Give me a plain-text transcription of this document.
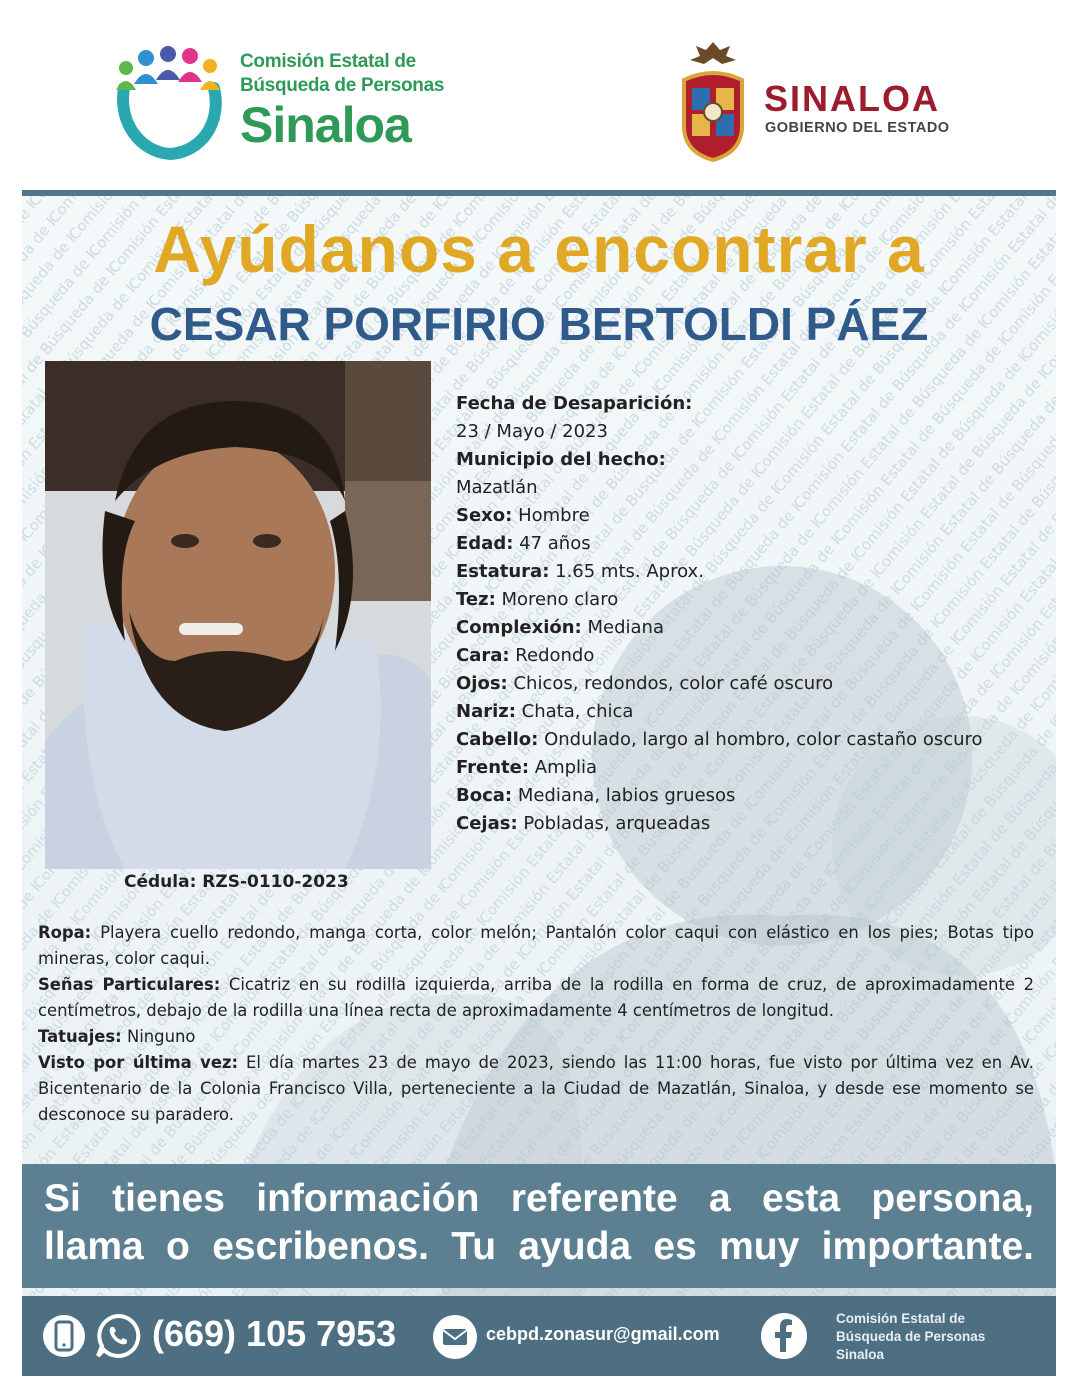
Comisión Estatal de
Búsqueda de Personas
Sinaloa	SINALOA
GOBIERNO DEL ESTADO
Ayúdanos a encontrar a
CESAR PORFIRIO BERTOLDI PÁEZ
Cédula: RZS-0110-2023
Fecha de Desaparición:
23 / Mayo / 2023
Municipio del hecho:
Mazatlán
Sexo: Hombre
Edad: 47 años
Estatura: 1.65 mts. Aprox.
Tez: Moreno claro
Complexión: Mediana
Cara: Redondo
Ojos: Chicos, redondos, color café oscuro
Nariz: Chata, chica
Cabello: Ondulado, largo al hombro, color castaño oscuro
Frente: Amplia
Boca: Mediana, labios gruesos
Cejas: Pobladas, arqueadas
Ropa: Playera cuello redondo, manga corta, color melón; Pantalón color caqui con elástico en los pies; Botas tipo mineras, color caqui.
Señas Particulares: Cicatriz en su rodilla izquierda, arriba de la rodilla en forma de cruz, de aproximadamente 2 centímetros, debajo de la rodilla una línea recta de aproximadamente 4 centímetros de longitud.
Tatuajes: Ninguno
Visto por última vez: El día martes 23 de mayo de 2023, siendo las 11:00 horas, fue visto por última vez en Av. Bicentenario de la Colonia Francisco Villa, perteneciente a la Ciudad de Mazatlán, Sinaloa, y desde ese momento se desconoce su paradero.
Si tienes información referente a esta persona,
llama o escribenos. Tu ayuda es muy importante.
(669) 105 7953	cebpd.zonasur@gmail.com
Comisión Estatal de
Búsqueda de Personas
Sinaloa
